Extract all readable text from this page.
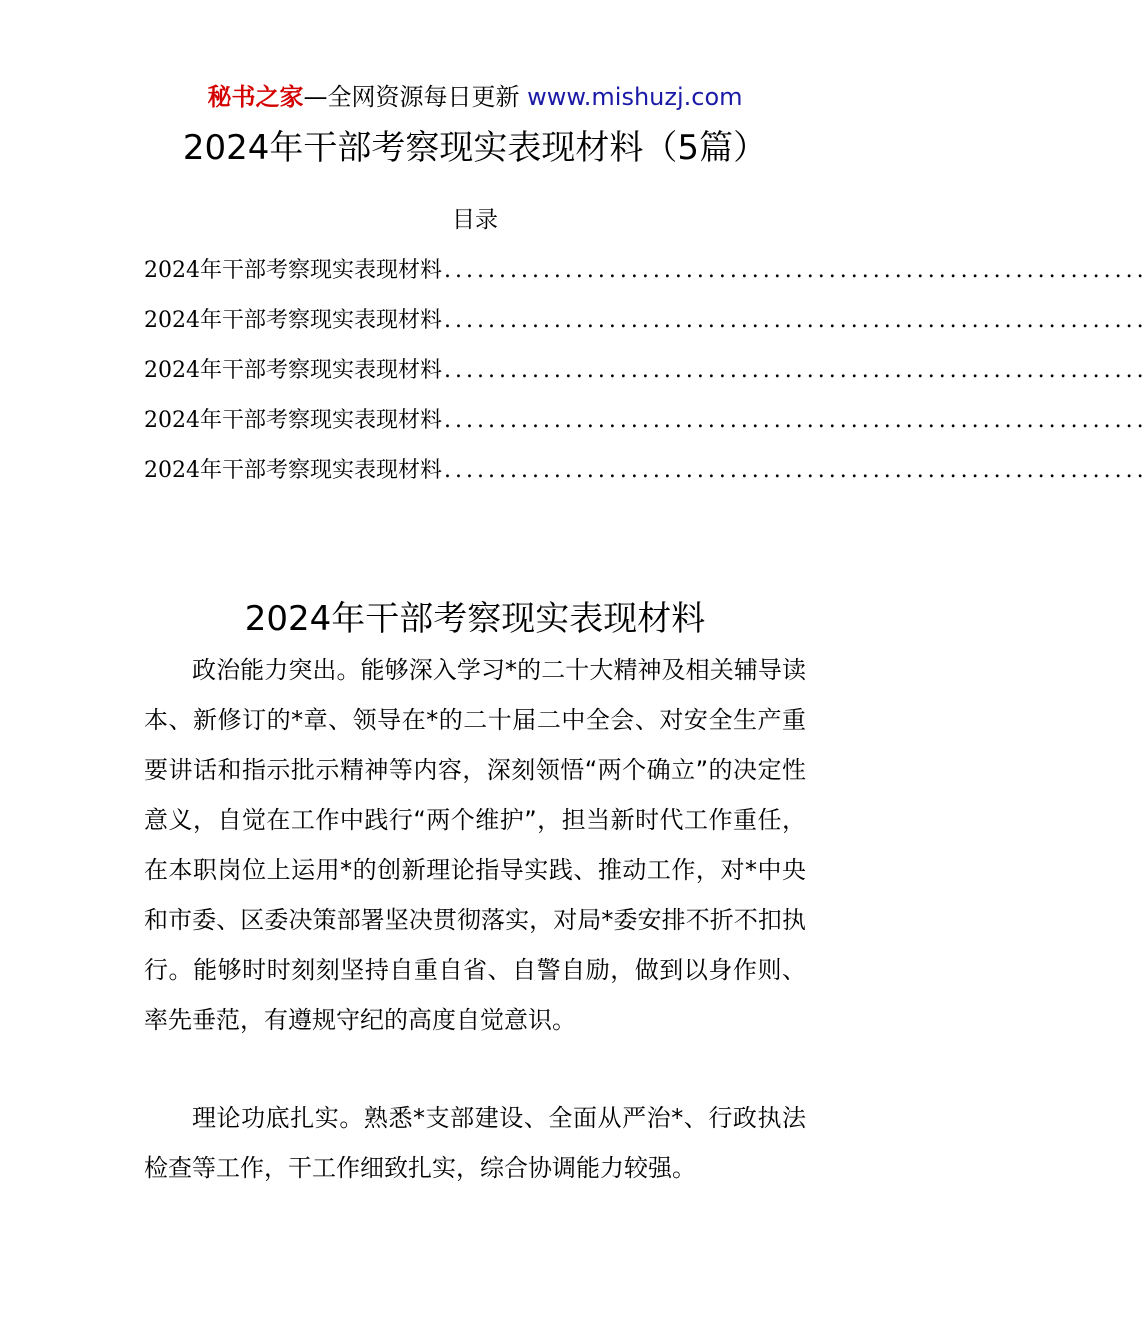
秘书之家—全网资源每日更新 www.mishuzj.com
2024年干部考察现实表现材料（5篇）
目录
2024年干部考察现实表现材料 ................................................................
2024年干部考察现实表现材料 ................................................................
2024年干部考察现实表现材料 ................................................................
2024年干部考察现实表现材料 ................................................................
2024年干部考察现实表现材料 ................................................................
2024年干部考察现实表现材料

政治能力突出。能够深入学习*的二十大精神及相关辅导读本、新修订的*章、领导在*的二十届二中全会、对安全生产重要讲话和指示批示精神等内容，深刻领悟“两个确立”的决定性意义，自觉在工作中践行“两个维护”，担当新时代工作重任，在本职岗位上运用*的创新理论指导实践、推动工作，对*中央和市委、区委决策部署坚决贯彻落实，对局*委安排不折不扣执行。能够时时刻刻坚持自重自省、自警自励，做到以身作则、率先垂范，有遵规守纪的高度自觉意识。

理论功底扎实。熟悉*支部建设、全面从严治*、行政执法检查等工作，干工作细致扎实，综合协调能力较强。
